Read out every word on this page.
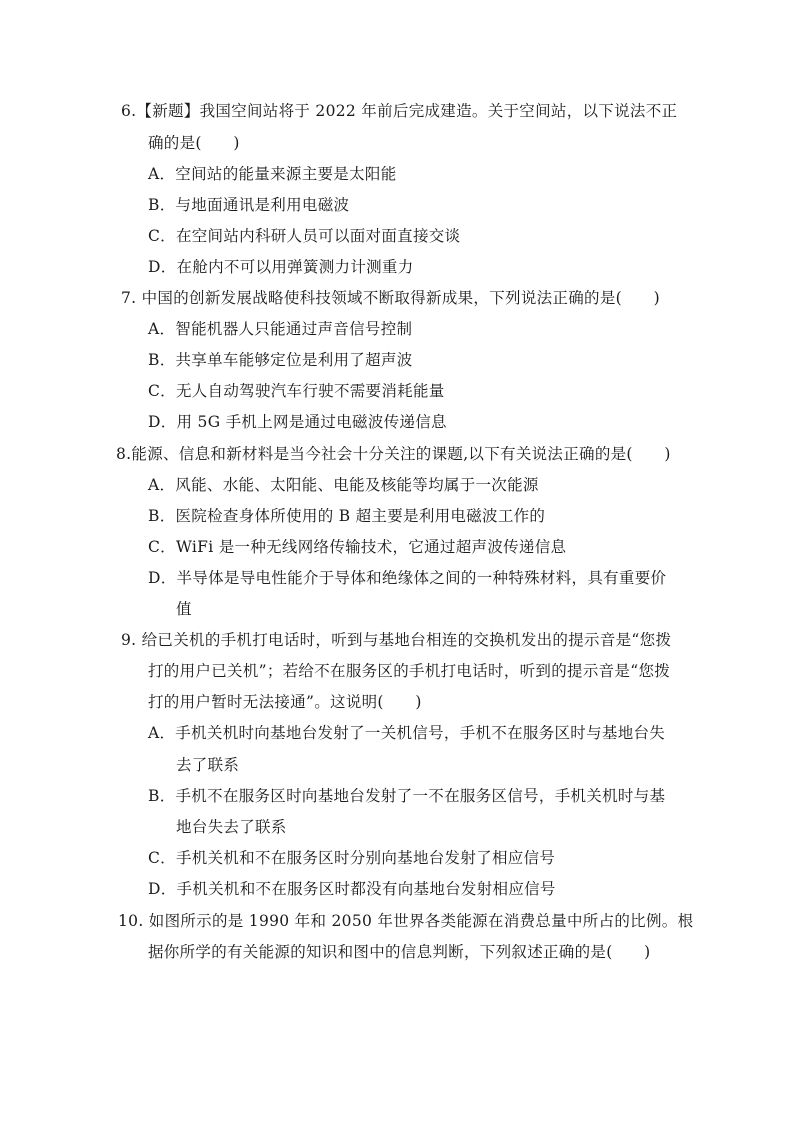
6.【新题】我国空间站将于 2022 年前后完成建造。关于空间站，以下说法不正
确的是(　　)
A．空间站的能量来源主要是太阳能
B．与地面通讯是利用电磁波
C．在空间站内科研人员可以面对面直接交谈
D．在舱内不可以用弹簧测力计测重力
7. 中国的创新发展战略使科技领域不断取得新成果，下列说法正确的是(　　)
A．智能机器人只能通过声音信号控制
B．共享单车能够定位是利用了超声波
C．无人自动驾驶汽车行驶不需要消耗能量
D．用 5G 手机上网是通过电磁波传递信息
8.能源、信息和新材料是当今社会十分关注的课题,以下有关说法正确的是(　　)
A．风能、水能、太阳能、电能及核能等均属于一次能源
B．医院检查身体所使用的 B 超主要是利用电磁波工作的
C．WiFi 是一种无线网络传输技术，它通过超声波传递信息
D．半导体是导电性能介于导体和绝缘体之间的一种特殊材料，具有重要价
值
9. 给已关机的手机打电话时，听到与基地台相连的交换机发出的提示音是“您拨
打的用户已关机”；若给不在服务区的手机打电话时，听到的提示音是“您拨
打的用户暂时无法接通”。这说明(　　)
A．手机关机时向基地台发射了一关机信号，手机不在服务区时与基地台失
去了联系
B．手机不在服务区时向基地台发射了一不在服务区信号，手机关机时与基
地台失去了联系
C．手机关机和不在服务区时分别向基地台发射了相应信号
D．手机关机和不在服务区时都没有向基地台发射相应信号
10. 如图所示的是 1990 年和 2050 年世界各类能源在消费总量中所占的比例。根
据你所学的有关能源的知识和图中的信息判断，下列叙述正确的是(　　)
